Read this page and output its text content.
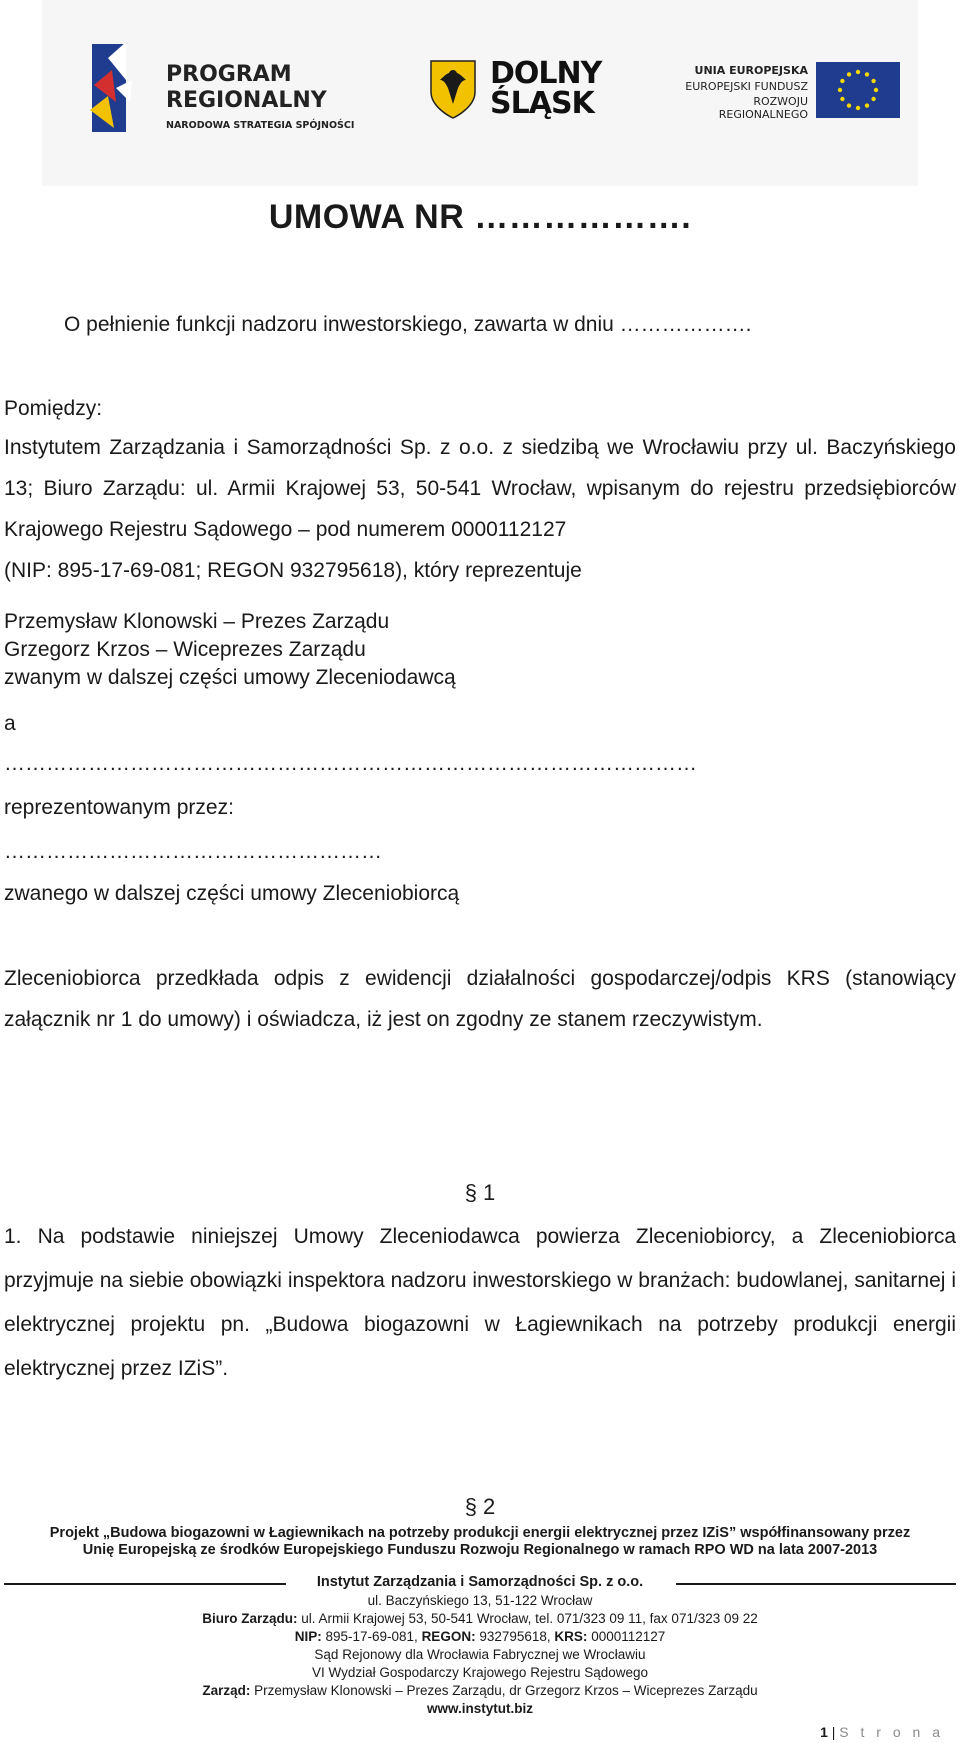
PROGRAM
REGIONALNY
NARODOWA STRATEGIA SPÓJNOŚCI
DOLNY
ŚLĄSK
UNIA EUROPEJSKA
EUROPEJSKI FUNDUSZ
ROZWOJU REGIONALNEGO
UMOWA NR ……………….
O pełnienie funkcji nadzoru inwestorskiego, zawarta w dniu ……………….
Pomiędzy:
Instytutem Zarządzania i Samorządności Sp. z o.o. z siedzibą we Wrocławiu przy ul. Baczyńskiego 13; Biuro Zarządu: ul. Armii Krajowej 53, 50-541 Wrocław, wpisanym do rejestru przedsiębiorców Krajowego Rejestru Sądowego – pod numerem 0000112127
(NIP: 895-17-69-081; REGON 932795618), który reprezentuje
Przemysław Klonowski – Prezes Zarządu
Grzegorz Krzos – Wiceprezes Zarządu
zwanym w dalszej części umowy Zleceniodawcą
a
………………………………………………………………………………………
reprezentowanym przez:
………………………………………………
zwanego w dalszej części umowy Zleceniobiorcą
Zleceniobiorca przedkłada odpis z ewidencji działalności gospodarczej/odpis KRS (stanowiący załącznik nr 1 do umowy) i oświadcza, iż jest on zgodny ze stanem rzeczywistym.
§ 1
1. Na podstawie niniejszej Umowy Zleceniodawca powierza Zleceniobiorcy, a Zleceniobiorca przyjmuje na siebie obowiązki inspektora nadzoru inwestorskiego w branżach: budowlanej, sanitarnej i elektrycznej projektu pn. „Budowa biogazowni w Łagiewnikach na potrzeby produkcji energii elektrycznej przez IZiS”.
§ 2
Projekt „Budowa biogazowni w Łagiewnikach na potrzeby produkcji energii elektrycznej przez IZiS” współfinansowany przez
Unię Europejską ze środków Europejskiego Funduszu Rozwoju Regionalnego w ramach RPO WD na lata 2007-2013
Instytut Zarządzania i Samorządności Sp. z o.o.
ul. Baczyńskiego 13, 51-122 Wrocław
Biuro Zarządu: ul. Armii Krajowej 53, 50-541 Wrocław, tel. 071/323 09 11, fax 071/323 09 22
NIP: 895-17-69-081, REGON: 932795618, KRS: 0000112127
Sąd Rejonowy dla Wrocławia Fabrycznej we Wrocławiu
VI Wydział Gospodarczy Krajowego Rejestru Sądowego
Zarząd: Przemysław Klonowski – Prezes Zarządu, dr Grzegorz Krzos – Wiceprezes Zarządu
www.instytut.biz
1 | S t r o n a
